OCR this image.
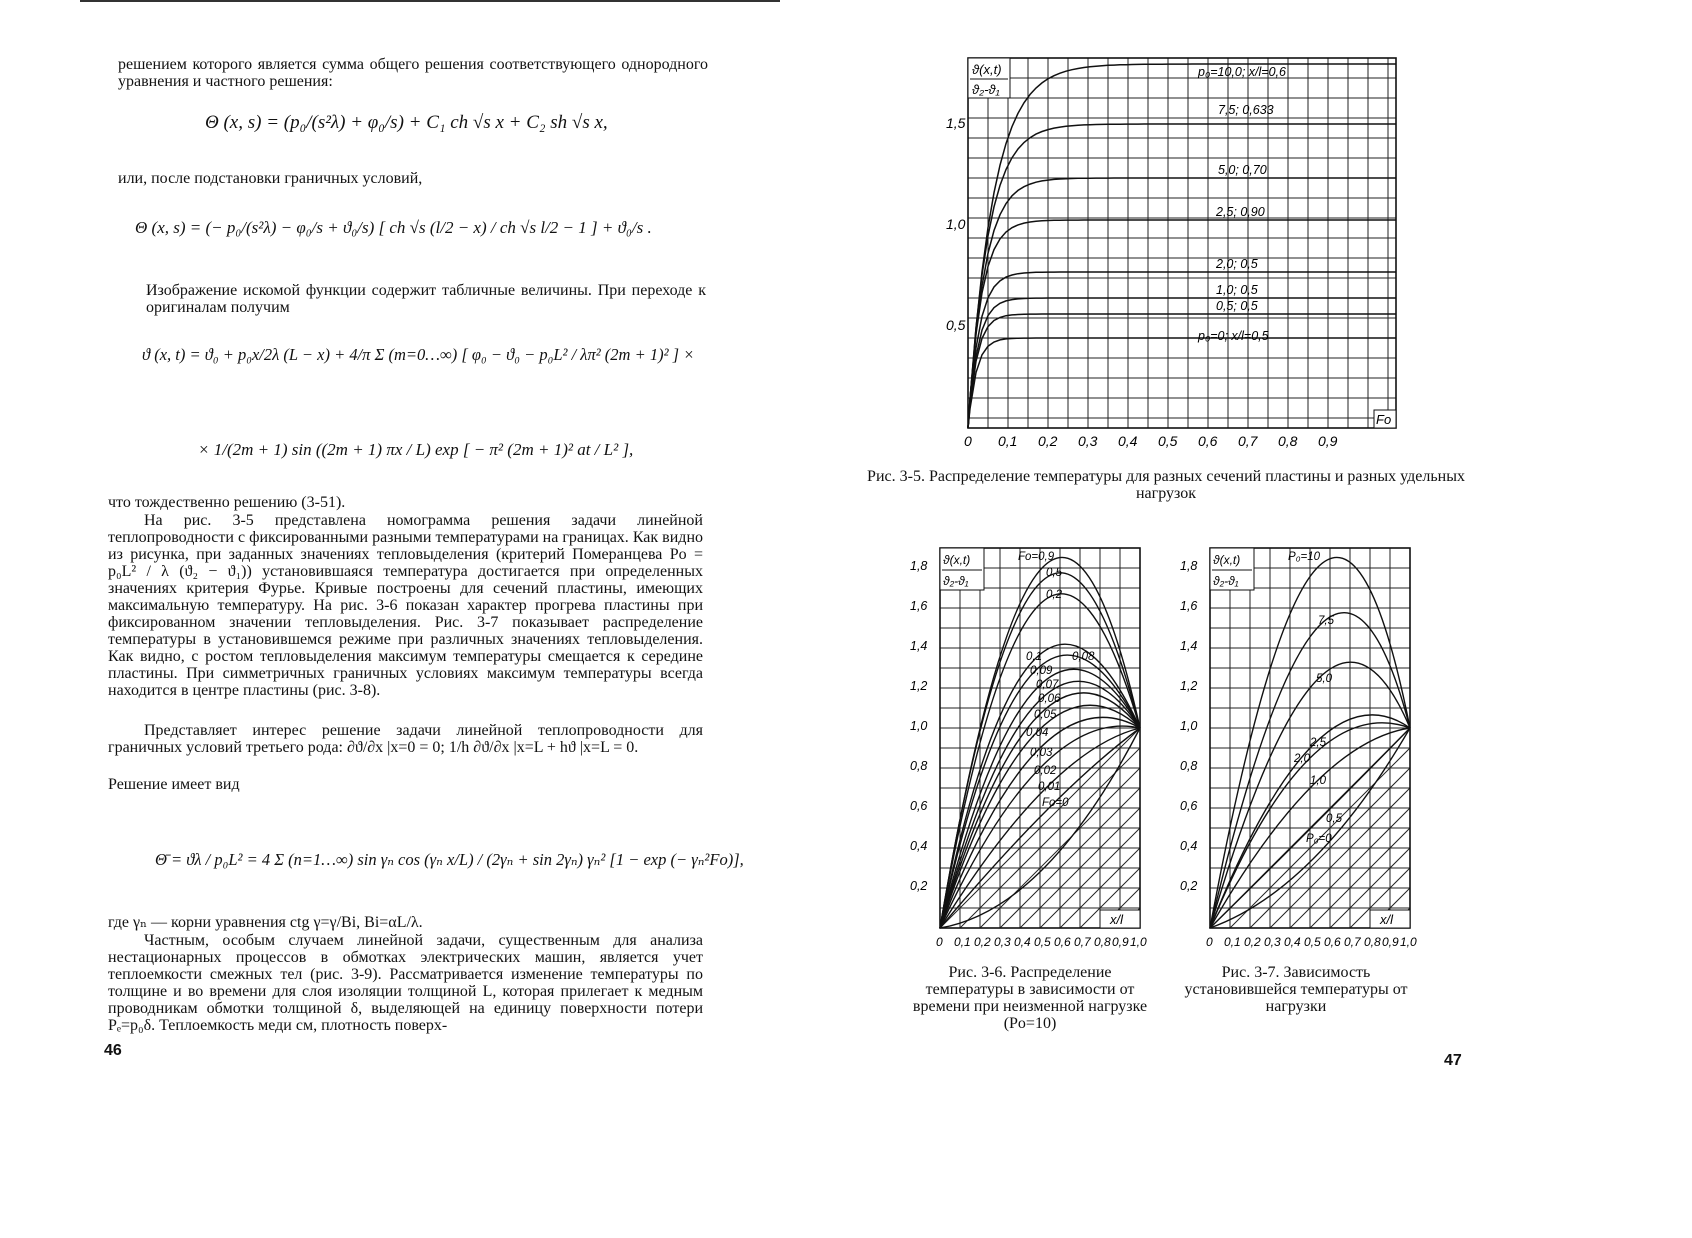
решением которого является сумма общего решения соответствующего однородного уравнения и частного решения:
Θ (x, s) = (p₀/(s²λ) + φ₀/s) + C₁ ch √s x + C₂ sh √s x,
или, после подстановки граничных условий,
Θ (x, s) = (− p₀/(s²λ) − φ₀/s + ϑ₀/s) [ ch √s (l/2 − x) / ch √s l/2 − 1 ] + ϑ₀/s .
Изображение искомой функции содержит табличные величины. При переходе к оригиналам получим
ϑ (x, t) = ϑ₀ + p₀x/2λ (L − x) + 4/π Σ (m=0…∞) [ φ₀ − ϑ₀ − p₀L² / λπ² (2m + 1)² ] ×
× 1/(2m + 1) sin ((2m + 1) πx / L) exp [ − π² (2m + 1)² at / L² ],
что тождественно решению (3-51).
На рис. 3-5 представлена номограмма решения задачи линейной теплопроводности с фиксированными разными температурами на границах. Как видно из рисунка, при заданных значениях тепловыделения (критерий Померанцева Po = p₀L² / λ (ϑ₂ − ϑ₁)) установившаяся температура достигается при определенных значениях критерия Фурье. Кривые построены для сечений пластины, имеющих максимальную температуру. На рис. 3-6 показан характер прогрева пластины при фиксированном значении тепловыделения. Рис. 3-7 показывает распределение температуры в установившемся режиме при различных значениях тепловыделения. Как видно, с ростом тепловыделения максимум температуры смещается к середине пластины. При симметричных граничных условиях максимум температуры всегда находится в центре пластины (рис. 3-8).
Представляет интерес решение задачи линейной теплопроводности для граничных условий третьего рода: ∂ϑ/∂x |x=0 = 0; 1/h ∂ϑ/∂x |x=L + hϑ |x=L = 0.
Решение имеет вид
Θ̄ = ϑλ / p₀L² = 4 Σ (n=1…∞) sin γₙ cos (γₙ x/L) / (2γₙ + sin 2γₙ) γₙ² [1 − exp (− γₙ²Fo)],
где γₙ — корни уравнения ctg γ=γ/Bi, Bi=αL/λ.
Частным, особым случаем линейной задачи, существенным для анализа нестационарных процессов в обмотках электрических машин, является учет теплоемкости смежных тел (рис. 3-9). Рассматривается изменение температуры по толщине и во времени для слоя изоляции толщиной L, которая прилегает к медным проводникам обмотки толщиной δ, выделяющей на единицу поверхности потери Pₑ=p₀δ. Теплоемкость меди cм, плотность поверх-
46
ϑ(x,t)
ϑ₂-ϑ₁
1,5
1,0
0,5
0 0,1 0,2 0,3 0,4 0,5 0,6 0,7 0,8 0,9
Fo
p₀=10,0; x/l=0,6
7,5; 0,633
5,0; 0,70
2,5; 0,90
2,0; 0,5
1,0; 0,5
0,5; 0,5
p₀=0; x/l=0,5
Рис. 3-5. Распределение температуры для разных сечений пластины и разных удельных нагрузок
ϑ(x,t)
ϑ₂-ϑ₁
0,2
0,4
0,6
0,8
1,0
1,2
1,4
1,6
1,8
0 0,1 0,2 0,3 0,4 0,5 0,6 0,7 0,8 0,9 1,0
x/l
Fo=0,9
0,5
0,2
0,1
0,09
0,08
0,07
0,06
0,05
0,04
0,03
0,02
0,01
Fo=0
Рис. 3-6. Распределение температуры в зависимости от времени при неизменной нагрузке (Po=10)
ϑ(x,t)
ϑ₂-ϑ₁
0,2
0,4
0,6
0,8
1,0
1,2
1,4
1,6
1,8
0 0,1 0,2 0,3 0,4 0,5 0,6 0,7 0,8 0,9 1,0
x/l
P₀=10
7,5
5,0
2,5
2,0
1,0
0,5
P₀=0
Рис. 3-7. Зависимость установившейся температуры от нагрузки
47
